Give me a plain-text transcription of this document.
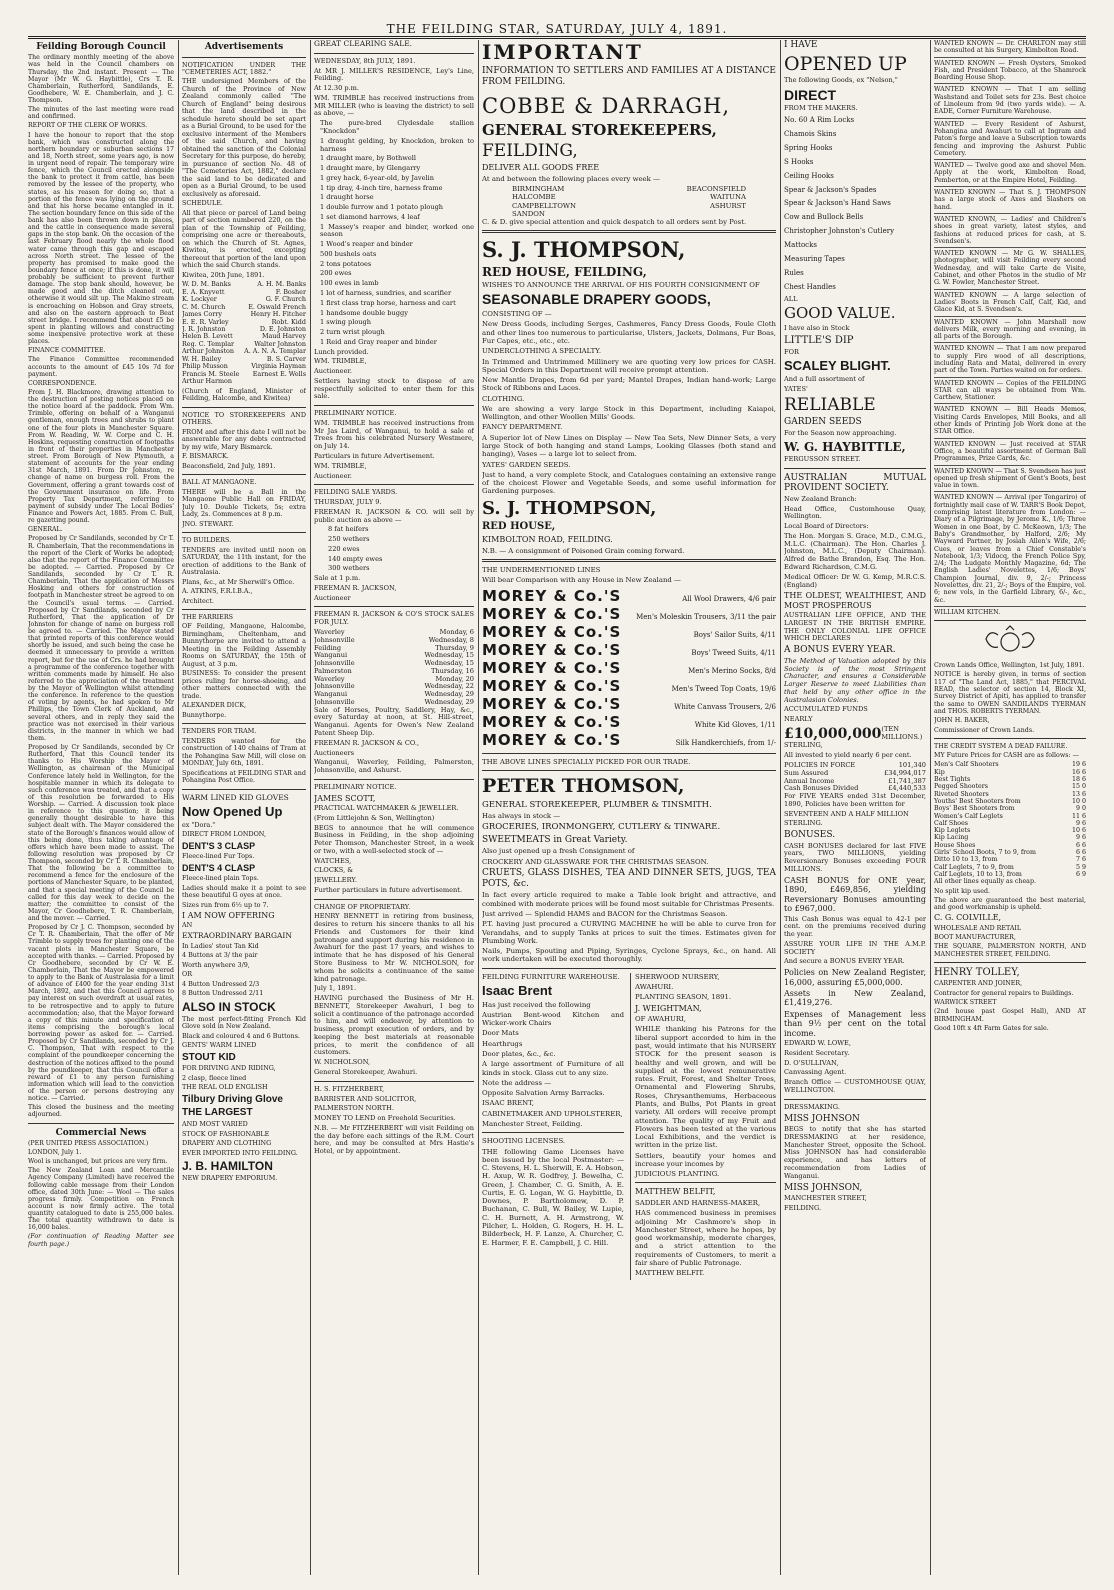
THE FEILDING STAR, SATURDAY, JULY 4, 1891.
Feilding Borough Council

The ordinary monthly meeting of the above was held in the Council chambers on Thursday, the 2nd instant. Present — The Mayor (Mr W. G. Haybittle), Crs T. R. Chamberlain, Rutherford, Sandilands, E. Goodhebere, W. E. Chamberlain, and J. C. Thompson.

The minutes of the last meeting were read and confirmed.

REPORT OF THE CLERK OF WORKS.

I have the honour to report that the stop bank, which was constructed along the northern boundary or suburban sections 17 and 18, North street, some years ago, is now in urgent need of repair. The temporary wire fence, which the Council erected alongside the bank to protect it from cattle, has been removed by the lessee of the property, who states, as his reason for doing so, that a portion of the fence was lying on the ground and that his horse became entangled in it. The section boundary fence on this side of the bank has also been thrown down in places, and the cattle in consequence made several gaps in the stop bank. On the occasion of the last February flood nearly the whole flood water came through this gap and escaped across North street. The lessee of the property has promised to make good the boundary fence at once; if this is done, it will probably be sufficient to prevent further damage. The stop bank should, however, be made good and the ditch cleaned out, otherwise it would silt up. The Makino stream is encroaching on Hobson and Gray streets, and also on the eastern approach to Beat street bridge. I recommend that about £5 be spent in planting willows and constructing some inexpensive protective work at these places.

FINANCE COMMITTEE.

The Finance Committee recommended accounts to the amount of £45 10s 7d for payment.

CORRESPONDENCE.

From J. H. Blackmore, drawing attention to the destruction of posting notices placed on the notice board at the paddock. From Wm. Trimble, offering on behalf of a Wanganui gentleman, enough trees and shrubs to plant one of the four plots in Manchester Square. From W. Reading, W. W. Corpe and C. H. Hoskins, requesting construction of footpaths in front of their properties in Manchester street. From Borough of New Plymouth, a statement of accounts for the year ending 31st March, 1891. From Dr Johnston, re change of name on burgess roll. From the Government, offering a grant towards cost of the Government insurance on life. From Property Tax Department, referring to payment of subsidy under The Local Bodies' Finance and Powers Act, 1885. From C. Bull, re gazetting pound.

GENERAL.

Proposed by Cr Sandilands, seconded by Cr T. R. Chamberlain, That the recommendations in the report of the Clerk of Works be adopted; also that the report of the Finance Committee be adopted. — Carried. Proposed by Cr Sandilands, seconded by Cr T. R. Chamberlain, That the application of Messrs Hosking and others for construction of footpath in Manchester street be agreed to on the Council's usual terms. — Carried. Proposed by Cr Sandilands, seconded by Cr Rutherford, That the application of Dr Johnston for change of name on burgess roll be agreed to. — Carried. The Mayor stated that printed reports of this conference would shortly be issued, and such being the case he deemed it unnecessary to provide a written report, but for the use of Crs. he had brought a programme of the conference together with written comments made by himself. He also referred to the appreciation of the treatment by the Mayor of Wellington whilst attending the conference. In reference to the question of voting by agents, he had spoken to Mr Phillips, the Town Clerk of Auckland, and several others, and in reply they said the practice was not exercised in their various districts, in the manner in which we had them.

Proposed by Cr Sandilands, seconded by Cr Rutherford, That this Council tender its thanks to His Worship the Mayor of Wellington, as chairman of the Municipal Conference lately held in Wellington, for the hospitable manner in which its delegate to such conference was treated, and that a copy of this resolution be forwarded to His Worship. — Carried. A discussion took place in reference to this question; it being generally thought desirable to have this subject dealt with. The Mayor considered the state of the Borough's finances would allow of this being done, thus taking advantage of offers which have been made to assist. The following resolution was proposed by Cr Thompson, seconded by Cr T. R. Chamberlain, That the following be a committee to recommend a fence for the enclosure of the portions of Manchester Square, to be planted, and that a special meeting of the Council be called for this day week to decide on the matter; the committee to consist of the Mayor, Cr Goodhebere, T. R. Chamberlain, and the mover. — Carried.

Proposed by Cr J. C. Thompson, seconded by Cr T. R. Chamberlain, That the offer of Mr Trimble to supply trees for planting one of the vacant plots in Manchester Square, be accepted with thanks. — Carried. Proposed by Cr Goodhebere, seconded by Cr W. E. Chamberlain, That the Mayor be empowered to apply to the Bank of Australasia for a limit of advance of £400 for the year ending 31st March, 1892, and that this Council agrees to pay interest on such overdraft at usual rates, to be retrospective and to apply to future accommodation; also, that the Mayor forward a copy of this minute and specification of items comprising the borough's local borrowing power as asked for. — Carried. Proposed by Cr Sandilands, seconded by Cr J. C. Thompson, That with respect to the complaint of the poundkeeper concerning the destruction of the notices affixed to the pound by the poundkeeper, that this Council offer a reward of £1 to any person furnishing information which will lead to the conviction of the person or persons destroying any notice. — Carried.

This closed the business and the meeting adjourned.

Commercial News

(PER UNITED PRESS ASSOCIATION.)

LONDON, July 1.

Wool is unchanged, but prices are very firm.

The New Zealand Loan and Mercantile Agency Company (Limited) have received the following cable message from their London office, dated 30th June: — Wool — The sales progress firmly. Competition on French account is now firmly active. The total quantity catalogued to date is 255,000 bales. The total quantity withdrawn to date is 16,000 bales.

(For continuation of Reading Matter see fourth page.)

Advertisements

NOTIFICATION UNDER THE "CEMETERIES ACT, 1882."

THE undersigned Members of the Church of the Province of New Zealand commonly called "The Church of England" being desirous that the land described in the schedule hereto should be set apart as a Burial Ground, to be used for the exclusive interment of the Members of the said Church, and having obtained the sanction of the Colonial Secretary for this purpose, do hereby, in pursuance of section No. 48 of "The Cemeteries Act, 1882," declare the said land to be dedicated and open as a Burial Ground, to be used exclusively as aforesaid.

SCHEDULE.

All that piece or parcel of Land being part of section numbered 220, on the plan of the Township of Feilding, comprising one acre or thereabouts, on which the Church of St. Agnes, Kiwitea, is erected, excepting thereout that portion of the land upon which the said Church stands.

Kiwitea, 20th June, 1891.

W. D. M. Banks	A. H. M. Banks
E. A. Knyvett	F. Bosher
K. Lockyer	G. F. Church
C. M. Church	E. Oswald French
James Corry	Henry H. Fitcher
E. E. R. Varley	Robt. Kidd
J. R. Johnston	D. E. Johnston
Helen B. Levett	Maud Harvey
Reg. C. Templar	Walter Johnston
Arthur Johnston A. A. N. A. Templar
W. H. Bailey	B. S. Carver
Philip Musson	Virginia Hayman
Francis M. Steele Earnest E. Wells

Arthur Harmon

(Church of England, Minister of Feilding, Halcombe, and Kiwitea)

NOTICE TO STOREKEEPERS AND OTHERS.

FROM and after this date I will not be answerable for any debts contracted by my wife, Mary Bismarck.

F. BISMARCK.

Beaconsfield, 2nd July, 1891.

BALL AT MANGAONE.

THERE will be a Ball in the Mangaone Public Hall on FRIDAY, July 10. Double Tickets, 5s; extra Lady, 2s. Commences at 8 p.m.

JNO. STEWART.

TO BUILDERS.

TENDERS are invited until noon on SATURDAY, the 11th instant, for the erection of additions to the Bank of Australasia.

Plans, &c., at Mr Sherwill's Office.

A. ATKINS, F.R.I.B.A.,

Architect.

THE FARRIERS

OF Feilding, Mangaone, Halcombe, Birmingham, Cheltenham, and Bunnythorpe are invited to attend a Meeting in the Feilding Assembly Rooms on SATURDAY, the 15th of August, at 3 p.m.

BUSINESS: To consider the present prices ruling for horse-shoeing, and other matters connected with the trade.

ALEXANDER DICK,

Bunnythorpe.

TENDERS FOR TRAM.

TENDERS wanted for the construction of 140 chains of Tram at the Pohangina Saw Mill, will close on MONDAY, July 6th, 1891.

Specifications at FEILDING STAR and Pohangina Post Office.

WARM LINED KID GLOVES

Now Opened Up

ex "Dora."

DIRECT FROM LONDON,

DENT'S 3 CLASP

Fleece-lined Fur Tops.

DENT'S 4 CLASP

Fleece-lined plain Tops.

Ladies should make it a point to see these beautiful G oyes at once.

Sizes run from 6½ up to 7.

I AM NOW OFFERING

AN

EXTRAORDINARY BARGAIN

In Ladies' stout Tan Kid

4 Buttons at 3/ the pair

Worth anywhere 3/9,

OR

4 Button Undressed 2/3

8 Button Undressed 2/11

ALSO IN STOCK

The most perfect-fitting French Kid Glove sold in New Zealand.

Black and coloured 4 and 6 Buttons.

GENTS' WARM LINED

STOUT KID

FOR DRIVING AND RIDING,

2 clasp, fleece lined

THE REAL OLD ENGLISH

Tilbury Driving Glove

THE LARGEST

AND MOST VARIED

STOCK OF FASHIONABLE

DRAPERY AND CLOTHING

EVER IMPORTED INTO FEILDING.

J. B. HAMILTON

NEW DRAPERY EMPORIUM.

GREAT CLEARING SALE.

WEDNESDAY, 8th JULY, 1891.

At MR J. MILLER'S RESIDENCE, Ley's Line, Feilding.

At 12.30 p.m.

WM. TRIMBLE has received instructions from MR MILLER (who is leaving the district) to sell as above, —

The pure-bred Clydesdale stallion "Knockdon"

1 draught gelding, by Knockdon, broken to harness

1 draught mare, by Bothwell

1 draught mare, by Glengarry

1 grey hack, 6-year-old, by Javelin

1 tip dray, 4-inch tire, harness frame

1 draught horse

1 double furrow and 1 potato plough

1 set diamond harrows, 4 leaf

1 Massey's reaper and binder, worked one season

1 Wood's reaper and binder

500 bushels oats

2 tons potatoes

200 ewes

100 ewes in lamb

1 lot of harness, sundries, and scarifier

1 first class trap horse, harness and cart

1 handsome double buggy

1 swing plough

2 turn wrist plough

1 Reid and Gray reaper and binder

Lunch provided.

WM. TRIMBLE,

Auctioneer.

Settlers having stock to dispose of are respectfully solicited to enter them for this sale.

PRELIMINARY NOTICE.

WM. TRIMBLE has received instructions from Mr Jas Laird, of Wanganui, to hold a sale of Trees from his celebrated Nursery Westmere, on July 14.

Particulars in future Advertisement.

WM. TRIMBLE,

Auctioneer.

FEILDING SALE YARDS.

THURSDAY, JULY 9.

FREEMAN R. JACKSON & CO. will sell by public auction as above —

8 fat heifers

250 wethers

220 ewes

140 empty ewes

300 wethers

Sale at 1 p.m.

FREEMAN R. JACKSON,

Auctioneer

FREEMAN R. JACKSON & CO'S STOCK SALES FOR JULY.

Waverley	Monday, 6
Johnsonville	Wednesday, 8
Feilding	Thursday, 9
Wanganui	Wednesday, 15
Johnsonville	Wednesday, 15
Palmerston	Thursday, 16
Waverley	Monday, 20
Johnsonville	Wednesday, 22
Wanganui	Wednesday, 29
Johnsonville	Wednesday, 29

Sale of Horses, Poultry, Saddlery, Hay, &c., every Saturday at noon, at St. Hill-street, Wanganui. Agents for Owen's New Zealand Patent Sheep Dip.

FREEMAN R. JACKSON & CO.,

Auctioneers

Wanganui, Waverley, Feilding, Palmerston, Johnsonville, and Ashurst.

PRELIMINARY NOTICE.

JAMES SCOTT,

PRACTICAL WATCHMAKER & JEWELLER.

(From Littlejohn & Son, Wellington)

BEGS to announce that he will commence Business in Feilding, in the shop adjoining Peter Thomson, Manchester Street, in a week or two, with a well-selected stock of —

WATCHES,

CLOCKS, &

JEWELLERY.

Further particulars in future advertisement.

CHANGE OF PROPRIETARY.

HENRY BENNETT in retiring from business, desires to return his sincere thanks to all his Friends and Customers for their kind patronage and support during his residence in Awahuri for the past 17 years, and wishes to intimate that he has disposed of his General Store Business to Mr W. NICHOLSON, for whom he solicits a continuance of the same kind patronage.

July 1, 1891.

HAVING purchased the Business of Mr H. BENNETT, Storekeeper Awahuri, I beg to solicit a continuance of the patronage accorded to him, and will endeavor, by attention to business, prompt execution of orders, and by keeping the best materials at reasonable prices, to merit the confidence of all customers.

W. NICHOLSON,

General Storekeeper, Awahuri.

H. S. FITZHERBERT,

BARRISTER AND SOLICITOR,

PALMERSTON NORTH.

MONEY TO LEND on Freehold Securities.

N.B. — Mr FITZHERBERT will visit Feilding on the day before each sittings of the R.M. Court here, and may be consulted at Mrs Hastie's Hotel, or by appointment.

IMPORTANT

INFORMATION TO SETTLERS AND FAMILIES AT A DISTANCE FROM FEILDING.

COBBE & DARRAGH,

GENERAL STOREKEEPERS,

FEILDING,

DELIVER ALL GOODS FREE

At and between the following places every week —

BIRMINGHAM	BEACONSFIELD
HALCOMBE	WAITUNA
CAMPBELLTOWN	ASHURST
SANDON

C. & D. give special attention and quick despatch to all orders sent by Post.

S. J. THOMPSON,

RED HOUSE, FEILDING,

WISHES TO ANNOUNCE THE ARRIVAL OF HIS FOURTH CONSIGNMENT OF

SEASONABLE DRAPERY GOODS,

CONSISTING OF —

New Dress Goods, including Serges, Cashmeres, Fancy Dress Goods, Foule Cloth and other lines too numerous to particularise, Ulsters, Jackets, Dolmans, Fur Boas, Fur Capes, etc., etc., etc.

UNDERCLOTHING A SPECIALTY.

In Trimmed and Untrimmed Millinery we are quoting very low prices for CASH. Special Orders in this Department will receive prompt attention.

New Mantle Drapes, from 6d per yard; Mantel Drapes, Indian hand-work; Large Stock of Ribbons and Laces.

CLOTHING.

We are showing a very large Stock in this Department, including Kaiapoi, Wellington, and other Woollen Mills' Goods.

FANCY DEPARTMENT.

A Superior lot of New Lines on Display — New Tea Sets, New Dinner Sets, a very large Stock of both hanging and stand Lamps, Looking Glasses (both stand and hanging), Vases — a large lot to select from.

YATES' GARDEN SEEDS.

Just to hand, a very complete Stock, and Catalogues containing an extensive range of the choicest Flower and Vegetable Seeds, and some useful information for Gardening purposes.

S. J. THOMPSON,

RED HOUSE,

KIMBOLTON ROAD, FEILDING.

N.B. — A consignment of Poisoned Grain coming forward.

THE UNDERMENTIONED LINES

Will bear Comparison with any House in New Zealand —

MOREY & Co.'S	All Wool Drawers, 4/6 pair
MOREY & Co.'S Men's Moleskin Trousers, 3/11 the pair
MOREY & Co.'S	Boys' Sailor Suits, 4/11
MOREY & Co.'S	Boys' Tweed Suits, 4/11
MOREY & Co.'S	Men's Merino Socks, 8/d
MOREY & Co.'S	Men's Tweed Top Coats, 19/6
MOREY & Co.'S	White Canvass Trousers, 2/6
MOREY & Co.'S	White Kid Gloves, 1/11
MOREY & Co.'S	Silk Handkerchiefs, from 1/-

THE ABOVE LINES SPECIALLY PICKED FOR OUR TRADE.

PETER THOMSON,

GENERAL STOREKEEPER, PLUMBER & TINSMITH.

Has always in stock —

GROCERIES, IRONMONGERY, CUTLERY & TINWARE.

SWEETMEATS in Great Variety.

Also just opened up a fresh Consignment of

CROCKERY AND GLASSWARE FOR THE CHRISTMAS SEASON.

CRUETS, GLASS DISHES, TEA AND DINNER SETS, JUGS, TEA POTS, &c.

In fact every article required to make a Table look bright and attractive, and combined with moderate prices will be found most suitable for Christmas Presents.

Just arrived — Splendid HAMS and BACON for the Christmas Season.

P.T. having just procured a CURVING MACHINE he will be able to curve Iron for Verandahs, and to supply Tanks at prices to suit the times. Estimates given for Plumbing Work.

Nails, Pumps, Spouting and Piping, Syringes, Cyclone Sprays, &c., on hand. All work undertaken will be executed thoroughly.

FEILDING FURNITURE WAREHOUSE.

Isaac Brent

Has just received the following

Austrian Bent-wood Kitchen and Wicker-work Chairs

Door Mats

Hearthrugs

Door plates, &c., &c.

A large assortment of Furniture of all kinds in stock. Glass cut to any size.

Note the address —

Opposite Salvation Army Barracks.

ISAAC BRENT,

CABINETMAKER AND UPHOLSTERER,

Manchester Street, Feilding.

SHOOTING LICENSES.

THE following Game Licenses have been issued by the local Postmaster: — C. Stevens, H. L. Sherwill, E. A. Hobson, H. Axup, W. R. Godfrey, J. Bewelha, C. Green, J. Chamber, C. G. Smith, A. E. Curtis, E. G. Logan, W. G. Haybittle, D. Downes, P. Bartholomew, D. P. Buchanan, C. Bull, W. Bailey, W. Lupie, C. H. Burnett, A. H. Armstrong, W. Pilcher, L. Holden, G. Rogers, H. H. L. Bilderbeck, H. F. Lanze, A. Churcher, C. E. Harmer, F. E. Campbell, J. C. Hill.

SHERWOOD NURSERY,

AWAHURI.

PLANTING SEASON, 1891.

J. WEIGHTMAN,

OF AWAHURI,

WHILE thanking his Patrons for the liberal support accorded to him in the past, would intimate that his NURSERY STOCK for the present season is healthy and well grown, and will be supplied at the lowest remunerative rates. Fruit, Forest, and Shelter Trees, Ornamental and Flowering Shrubs, Roses, Chrysanthemums, Herbaceous Plants, and Bulbs, Pot Plants in great variety. All orders will receive prompt attention. The quality of my Fruit and Flowers has been tested at the various Local Exhibitions, and the verdict is written in the prize list.

Settlers, beautify your homes and increase your incomes by

JUDICIOUS PLANTING.

MATTHEW BELFIT,

SADDLER AND HARNESS-MAKER,

HAS commenced business in premises adjoining Mr Cashmore's shop in Manchester Street, where he hopes, by good workmanship, moderate charges, and a strict attention to the requirements of Customers, to merit a fair share of Public Patronage.

MATTHEW BELFIT.

I HAVE

OPENED UP

The following Goods, ex "Nelson,"

DIRECT

FROM THE MAKERS.

No. 60 A Rim Locks

Chamois Skins

Spring Hooks

S Hooks

Ceiling Hooks

Spear & Jackson's Spades

Spear & Jackson's Hand Saws

Cow and Bullock Bells

Christopher Johnston's Cutlery

Mattocks

Measuring Tapes

Rules

Chest Handles

ALL

GOOD VALUE.

I have also in Stock

LITTLE'S DIP

FOR

SCALEY BLIGHT.

And a full assortment of

YATES'

RELIABLE

GARDEN SEEDS

For the Season now approaching.

W. G. HAYBITTLE,

FERGUSSON STREET.

AUSTRALIAN MUTUAL PROVIDENT SOCIETY.

New Zealand Branch:

Head Office, Customhouse Quay, Wellington.

Local Board of Directors:

The Hon. Morgan S. Grace, M.D., C.M.G., M.L.C. (Chairman). The Hon. Charles J. Johnston, M.L.C., (Deputy Chairman). Alfred de Bathe Brandon, Esq. The Hon. Edward Richardson, C.M.G.

Medical Officer: Dr W. G. Kemp, M.R.C.S. (England)

THE OLDEST, WEALTHIEST, AND MOST PROSPEROUS

AUSTRALIAN LIFE OFFICE, AND THE LARGEST IN THE BRITISH EMPIRE. THE ONLY COLONIAL LIFE OFFICE WHICH DECLARES

A BONUS EVERY YEAR.

The Method of Valuation adopted by this Society is of the most Stringent Character, and ensures a Considerable Larger Reserve to meet Liabilities than that held by any other office in the Australasian Colonies.

ACCUMULATED FUNDS

NEARLY

£10,000,000 (TEN MILLIONS.)

STERLING,

All invested to yield nearly 6 per cent.

POLICIES IN FORCE	101,340
Sum Assured	£34,994,017
Annual Income	£1,741,387
Cash Bonuses Divided	£4,440,533

For FIVE YEARS ended 31st December, 1890, Policies have been written for

SEVENTEEN AND A HALF MILLION

STERLING.

BONUSES.

CASH BONUSES declared for last FIVE years, TWO MILLIONS, yielding Reversionary Bonuses exceeding FOUR MILLIONS.

CASH BONUS for ONE year, 1890, £469,856, yielding Reversionary Bonuses amounting to £967,000.

This Cash Bonus was equal to 42-1 per cent. on the premiums received during the year.

ASSURE YOUR LIFE IN THE A.M.P. SOCIETY

And secure a BONUS EVERY YEAR.

Policies on New Zealand Register, 16,000, assuring £5,000,000.

Assets in New Zealand, £1,419,276.

Expenses of Management less than 9½ per cent on the total income.

EDWARD W. LOWE,

Resident Secretary.

D. O'SULLIVAN,

Canvassing Agent.

Branch Office — CUSTOMHOUSE QUAY, WELLINGTON.

DRESSMAKING.

MISS JOHNSON

BEGS to notify that she has started DRESSMAKING at her residence, Manchester Street, opposite the School. Miss JOHNSON has had considerable experience, and has letters of recommendation from Ladies of Wanganui.

MISS JOHNSON,

MANCHESTER STREET,

FEILDING.

WANTED KNOWN — Dr. CHARLTON may still be consulted at his Surgery, Kimbolton Road.

WANTED KNOWN — Fresh Oysters, Smoked Fish, and President Tobacco, at the Shamrock Boarding House Shop.

WANTED KNOWN — That I am selling Washstand and Toilet sets for 23s. Best choice of Linoleum from 9d (two yards wide). — A. EADE, Corner Furniture Warehouse.

WANTED — Every Resident of Ashurst, Pohangina and Awahuri to call at Ingram and Paton's forge and leave a Subscription towards fencing and improving the Ashurst Public Cemetery.

WANTED — Twelve good axe and shovel Men. Apply at the work, Kimbolton Road, Pemberton, or at the Empire Hotel, Feilding.

WANTED KNOWN — That S. J. THOMPSON has a large stock of Axes and Slashers on hand.

WANTED KNOWN, — Ladies' and Children's shoes in great variety, latest styles, and fashions at reduced prices for cash, at S. Svendsen's.

WANTED KNOWN — Mr G. W. SHALLES, photographer, will visit Feilding every second Wednesday, and will take Carte de Visite, Cabinet, and other Photos in the studio of Mr G. W. Fowler, Manchester Street.

WANTED KNOWN — A large selection of Ladies' Boots in French Calf, Calf, Kid, and Glace Kid, at S. Svendsen's.

WANTED KNOWN — John Marshall now delivers Milk, every morning and evening, in all parts of the Borough.

WANTED KNOWN — That I am now prepared to supply Fire wood of all descriptions, including Rata and Matai, delivered in every part of the Town. Parties waited on for orders.

WANTED KNOWN — Copies of the FEILDING STAR can all ways be obtained from Wm. Carthew, Stationer.

WANTED KNOWN — Bill Heads Memos, Visiting Cards Envelopes, Mill Books, and all other kinds of Printing Job Work done at the STAR Office.

WANTED KNOWN — Just received at STAR Office, a beautiful assortment of German Ball Programmes, Prize Cards, &c.

WANTED KNOWN — That S. Svendsen has just opened up fresh shipment of Gent's Boots, best value in town.

WANTED KNOWN — Arrival (per Tongariro) of fortnightly mail case of W. TARR'S Book Depot, comprising latest literature from London: — Diary of a Pilgrimage, by Jerome K., 1/6; Three Women in one Boat, by C. McKeown, 1/3; The Baby's Grandmother, by Halford, 2/6; My Wayward Partner, by Josiah Allen's Wife, 2/6; Cues, or leaves from a Chief Constable's Notebook, 1/3; Vidocq, the French Police Spy, 2/4; The Ludgate Monthly Magazine, 6d; The English Ladies' Novelettes, 1/6; Boys' Champion Journal, div. 9, 2/-; Princess Novelettes, div. 21, 2/-; Boys of the Empire, vol. 6; new vols, in the Garfield Library, 6/-, &c., &c.

WILLIAM KITCHEN.

Crown Lands Office, Wellington, 1st July, 1891.

NOTICE is hereby given, in terms of section 117 of "The Land Act, 1885," that PERCIVAL READ, the selector of section 14, Block XI, Survey District of Apiti, has applied to transfer the same to OWEN SANDILANDS TYERMAN and THOS. ROBERTS TYERMAN.

JOHN H. BAKER,

Commissioner of Crown Lands.

THE CREDIT SYSTEM A DEAD FAILURE.

MY Future Prices for CASH are as follows: —

Men's Calf Shooters	19 6
Kip	16 6
Best Tights	18 6
Pegged Shooters	15 0
Riveted Shooters	13 6
Youths' Best Shooters from	10 0
Boys' Best Shooters from	9 0
Women's Calf Leglets	11 6
Calf Shoes	9 6
Kip Leglets	10 6
Kip Lacing	9 6
House Shoes	6 6
Girls' School Boots, 7 to 9, from	6 6
Ditto 10 to 13, from	7 6
Calf Leglets, 7 to 9, from	5 9
Calf Leglets, 10 to 13, from	6 9

All other lines equally as cheap.

No split kip used.

The above are guaranteed the best material, and good workmanship is upheld.

C. G. COLVILLE,

WHOLESALE AND RETAIL

BOOT MANUFACTURER,

THE SQUARE, PALMERSTON NORTH, AND MANCHESTER STREET, FEILDING.

HENRY TOLLEY,

CARPENTER AND JOINER,

Contractor for general repairs to Buildings.

WARWICK STREET

(2nd house past Gospel Hall), AND AT BIRMINGHAM.

Good 10ft x 4ft Farm Gates for sale.
